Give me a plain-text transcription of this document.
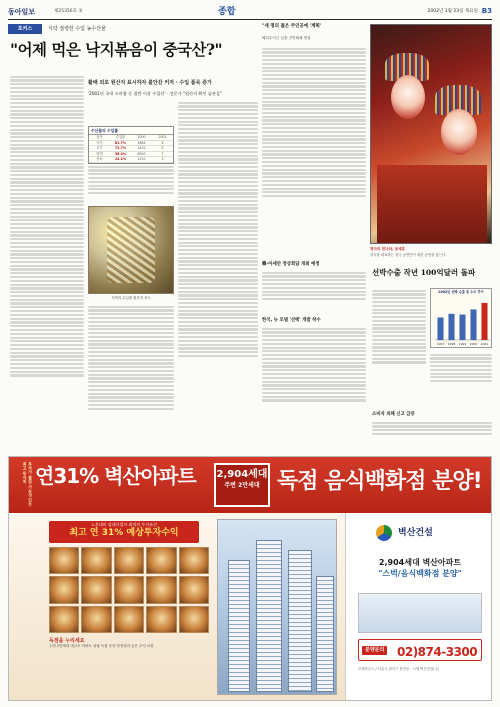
동아일보	제25356호 ②	종합	2002년 1월 23일 목요일 B3
포커스	식탁 점령한 수입 농수산물
"어제 먹은 낙지볶음이 중국산?"
활배 외로 원산지 표시하자 불안감 커져 · 수입 품목 증가
'2001년 국내 소비량 중 절반 이상 수입산' · 전문가 "원산지 확인 습관을"
수산물의 수입률
품목	수입률	2000	2001
낙지	81.7%	5684	6
조기	72.7%	3432	5
명태	38.4%	6920	7
꽁치	24.1%	2210	3
식탁의 수입품 원산지 표시
"세 명의 젊은 주인공에 '계획'
해외수익금 입출 전면폐쇄 방침
경극의 전나라, 공세흐
중국을 대표하는 경극 공연단이 내한 공연을 갖는다.
선박수출 작년 100억달러 돌파
韓-아세안 정상회담 개최 예정
한국, 뉴 모델 '선택' 개발 착수
2002년 선박 수출 및 수주 추이
1997 1998 1999 2000 2001
소비자 피해 신고 급증
투자가 쏠림 가능성 있는 최고 투자처 연31% 벽산아파트 2,904세대
주변 2만세대 독점 음식백화점 분양!
노후대비 임대사업자 최적의 투자조건
최고 연 31% 예상투자수익
독점을 누리세요
주변 2만세대 대규모 아파트 상권 독점 투자 안정성과 높은 수익 보장
벽산건설
2,904세대 벽산아파트
"스벅/음식백화점 분양"
분양문의 02)874-3300
모델하우스 / 서울시 관악구 봉천동 · 시행 벽산건설(주)
